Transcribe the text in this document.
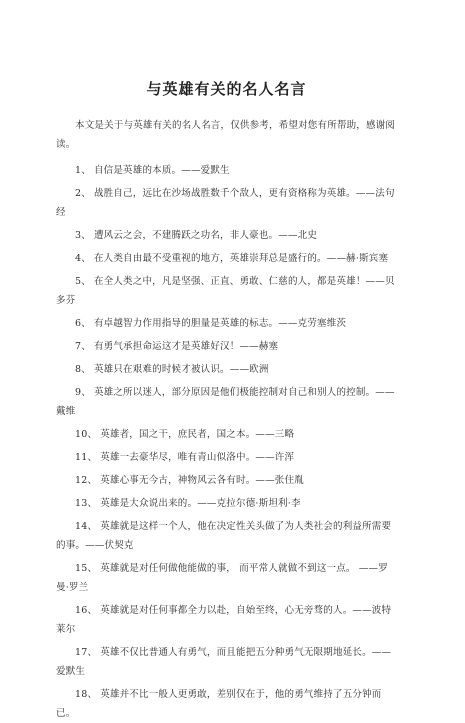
与英雄有关的名人名言

本文是关于与英雄有关的名人名言，仅供参考，希望对您有所帮助，感谢阅读。

1、 自信是英雄的本质。——爱默生
2、 战胜自己，远比在沙场战胜数千个敌人，更有资格称为英雄。——法句经
3、 遭风云之会，不建腾跃之功名，非人豪也。——北史
4、 在人类自由最不受重视的地方，英雄崇拜总是盛行的。——赫·斯宾塞
5、 在全人类之中，凡是坚强、正直、勇敢、仁慈的人，都是英雄！——贝多芬
6、 有卓越智力作用指导的胆量是英雄的标志。——克劳塞维茨
7、 有勇气承担命运这才是英雄好汉！——赫塞
8、 英雄只在艰难的时候才被认识。——欧洲
9、 英雄之所以迷人，部分原因是他们极能控制对自己和别人的控制。——戴维
10、 英雄者，国之干，庶民者，国之本。——三略
11、 英雄一去豪华尽，唯有青山似洛中。——许浑
12、 英雄心事无今古，神物风云各有时。——张住胤
13、 英雄是大众说出来的。——克拉尔德·斯坦利·李
14、 英雄就是这样一个人，他在决定性关头做了为人类社会的利益所需要的事。——伏契克
15、 英雄就是对任何做他能做的事， 而平常人就做不到这一点。 ——罗曼·罗兰
16、 英雄就是对任何事都全力以赴，自始至终，心无旁骛的人。——波特莱尔
17、 英雄不仅比普通人有勇气，而且能把五分种勇气无限期地延长。——爱默生
18、 英雄并不比一般人更勇敢，差别仅在于，他的勇气维持了五分钟而已。
